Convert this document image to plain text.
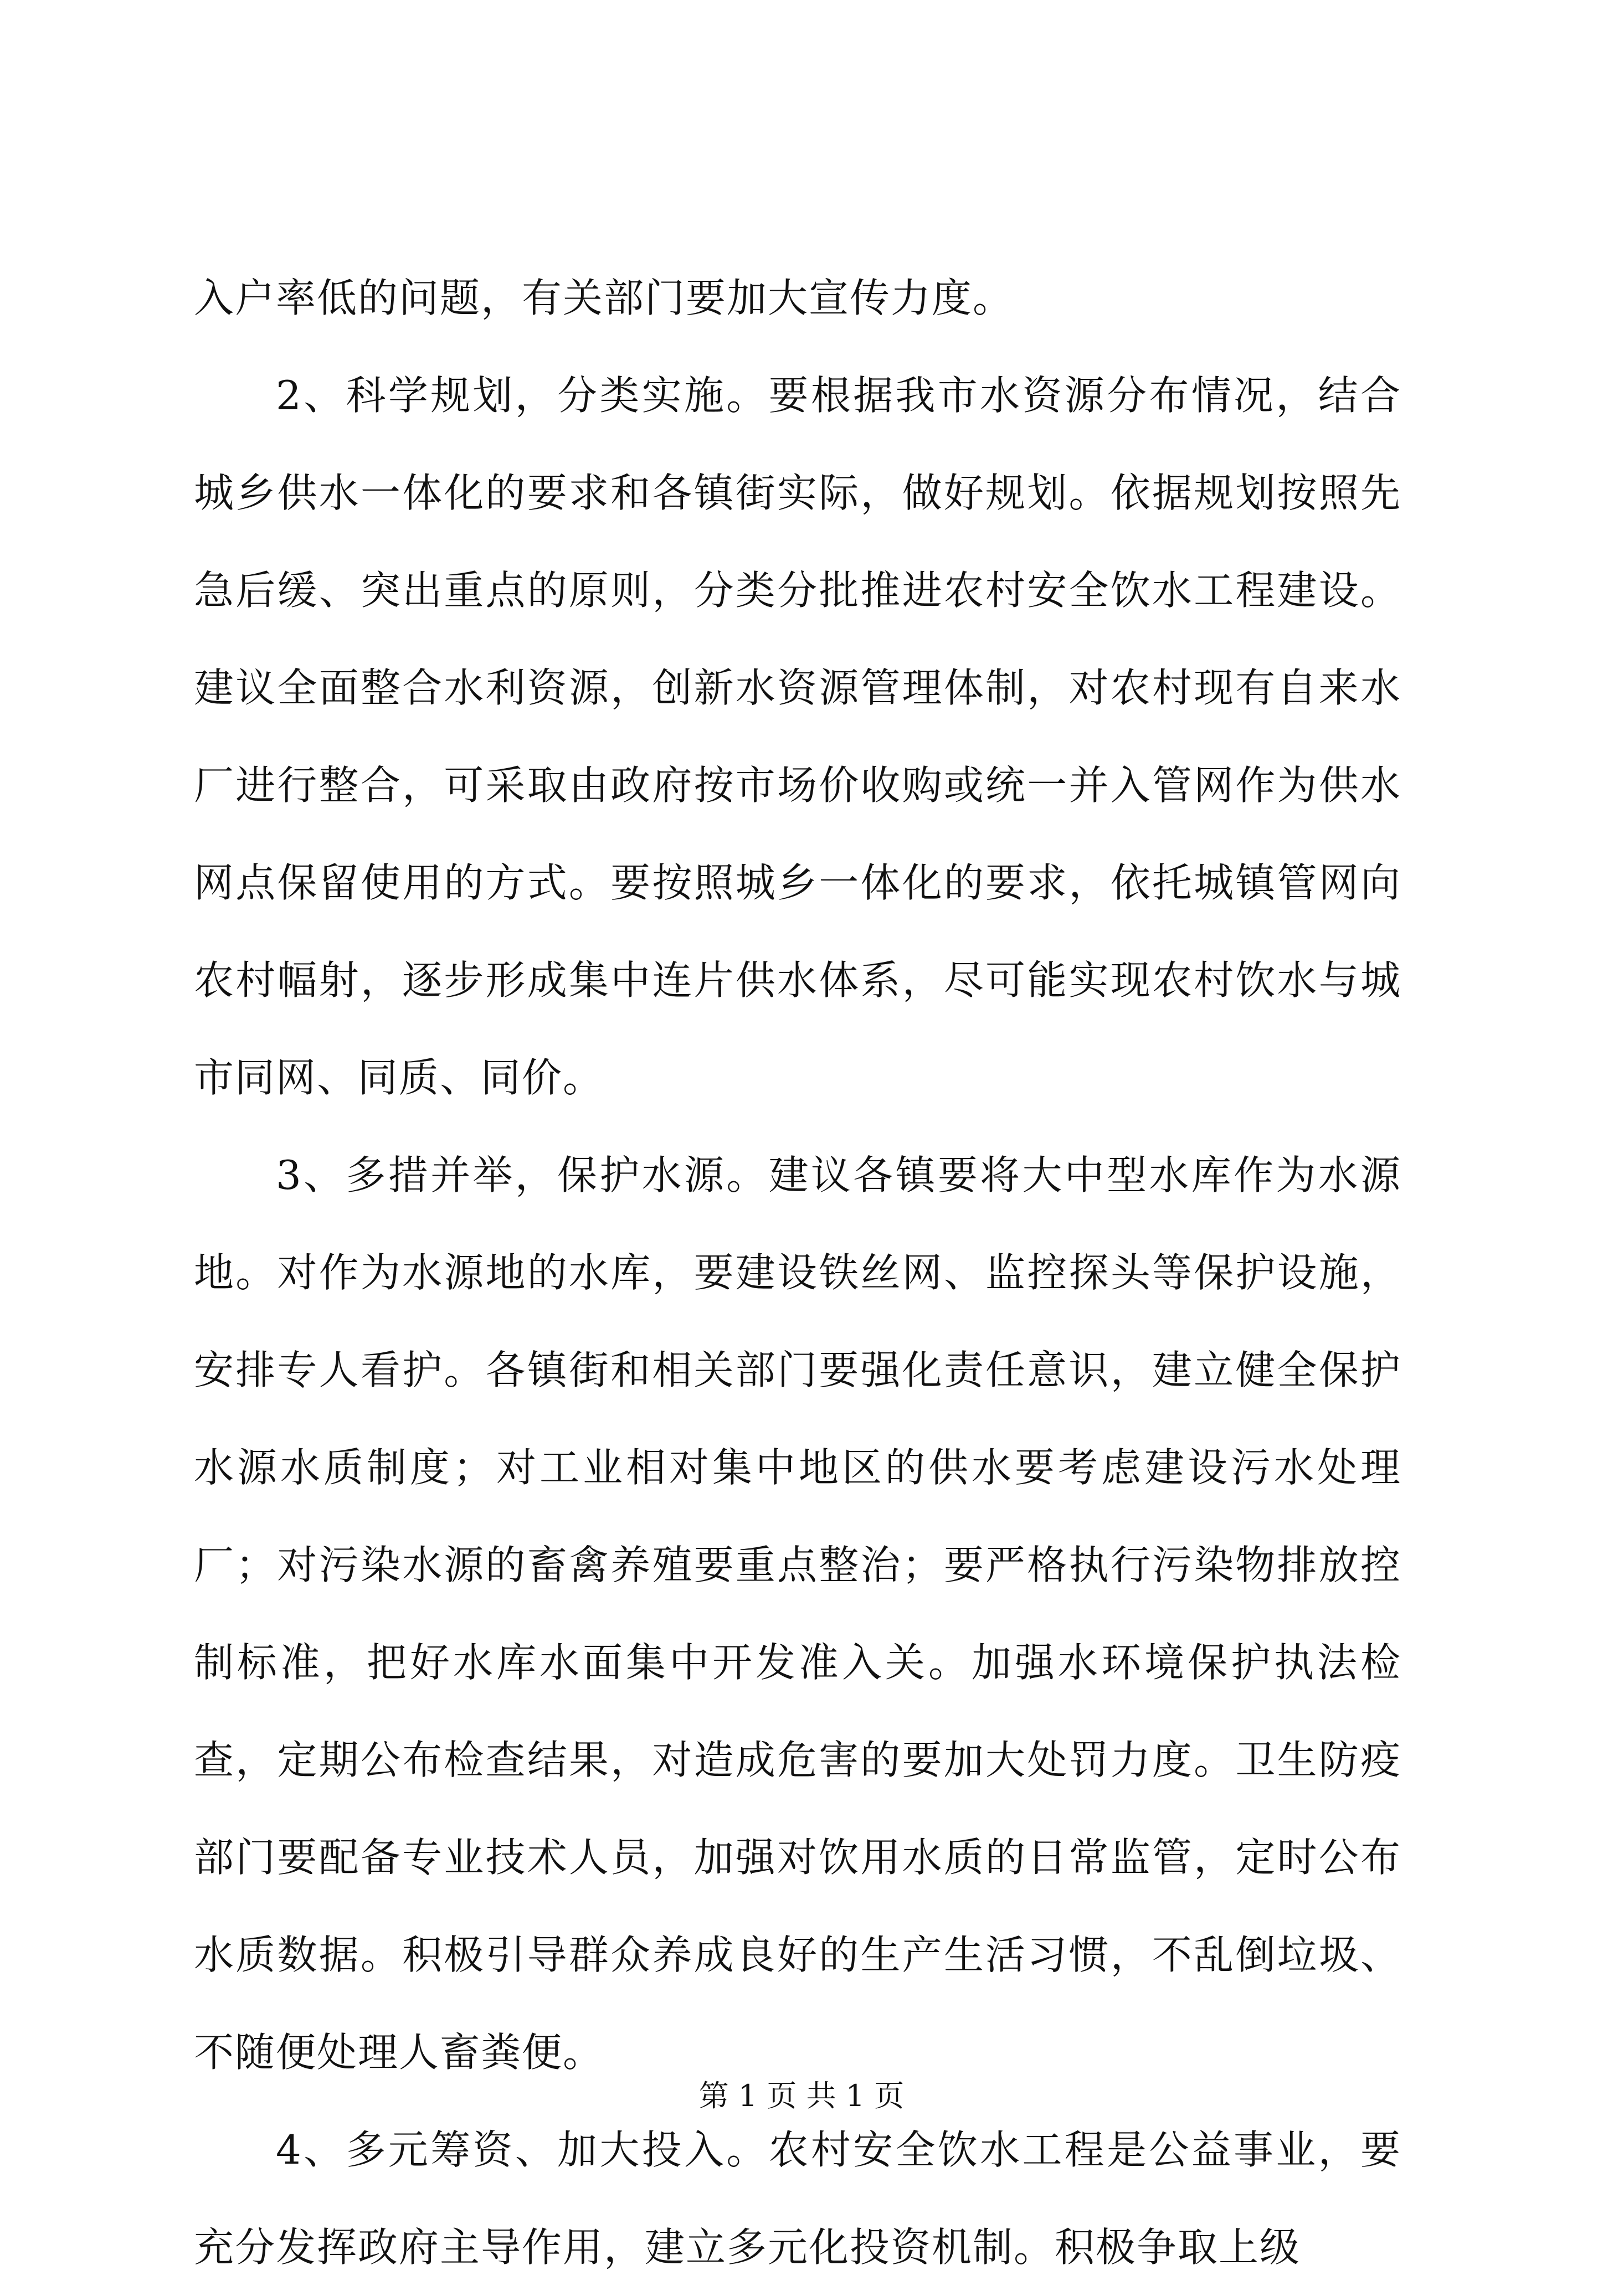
入户率低的问题，有关部门要加大宣传力度。

2、科学规划，分类实施。要根据我市水资源分布情况，结合城乡供水一体化的要求和各镇街实际，做好规划。依据规划按照先急后缓、突出重点的原则，分类分批推进农村安全饮水工程建设。建议全面整合水利资源，创新水资源管理体制，对农村现有自来水厂进行整合，可采取由政府按市场价收购或统一并入管网作为供水网点保留使用的方式。要按照城乡一体化的要求，依托城镇管网向农村幅射，逐步形成集中连片供水体系，尽可能实现农村饮水与城市同网、同质、同价。

3、多措并举，保护水源。建议各镇要将大中型水库作为水源地。对作为水源地的水库，要建设铁丝网、监控探头等保护设施，安排专人看护。各镇街和相关部门要强化责任意识，建立健全保护水源水质制度；对工业相对集中地区的供水要考虑建设污水处理厂；对污染水源的畜禽养殖要重点整治；要严格执行污染物排放控制标准，把好水库水面集中开发准入关。加强水环境保护执法检查，定期公布检查结果，对造成危害的要加大处罚力度。卫生防疫部门要配备专业技术人员，加强对饮用水质的日常监管，定时公布水质数据。积极引导群众养成良好的生产生活习惯，不乱倒垃圾、不随便处理人畜粪便。

4、多元筹资、加大投入。农村安全饮水工程是公益事业，要充分发挥政府主导作用，建立多元化投资机制。积极争取上级

第 1 页 共 1 页
